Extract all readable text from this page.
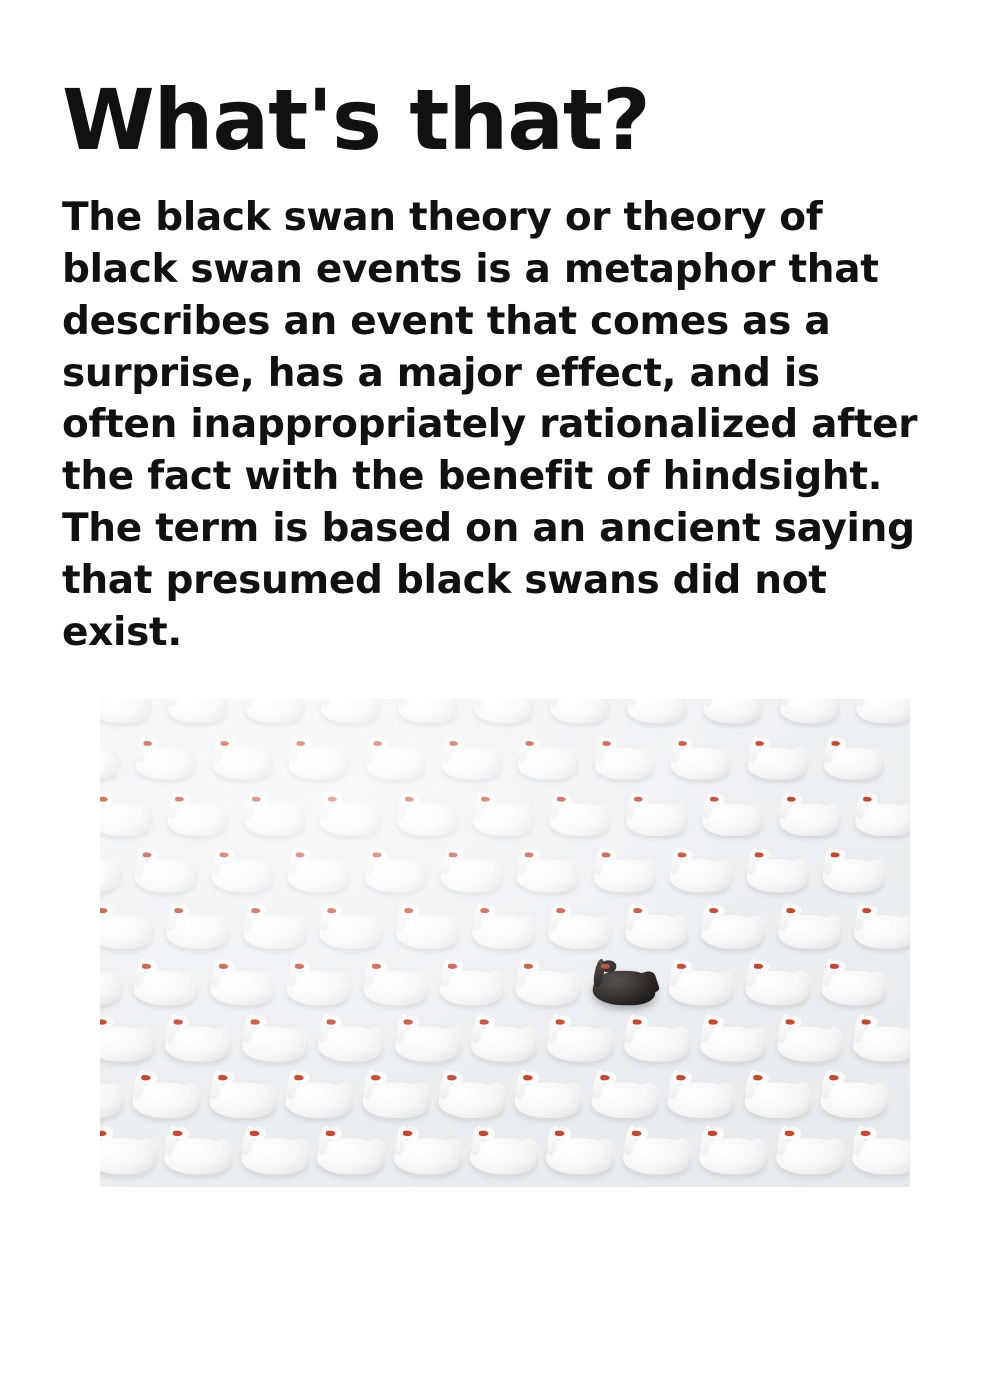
What's that?

The black swan theory or theory of black swan events is a metaphor that describes an event that comes as a surprise, has a major effect, and is often inappropriately rationalized after the fact with the benefit of hindsight. The term is based on an ancient saying that presumed black swans did not exist.
